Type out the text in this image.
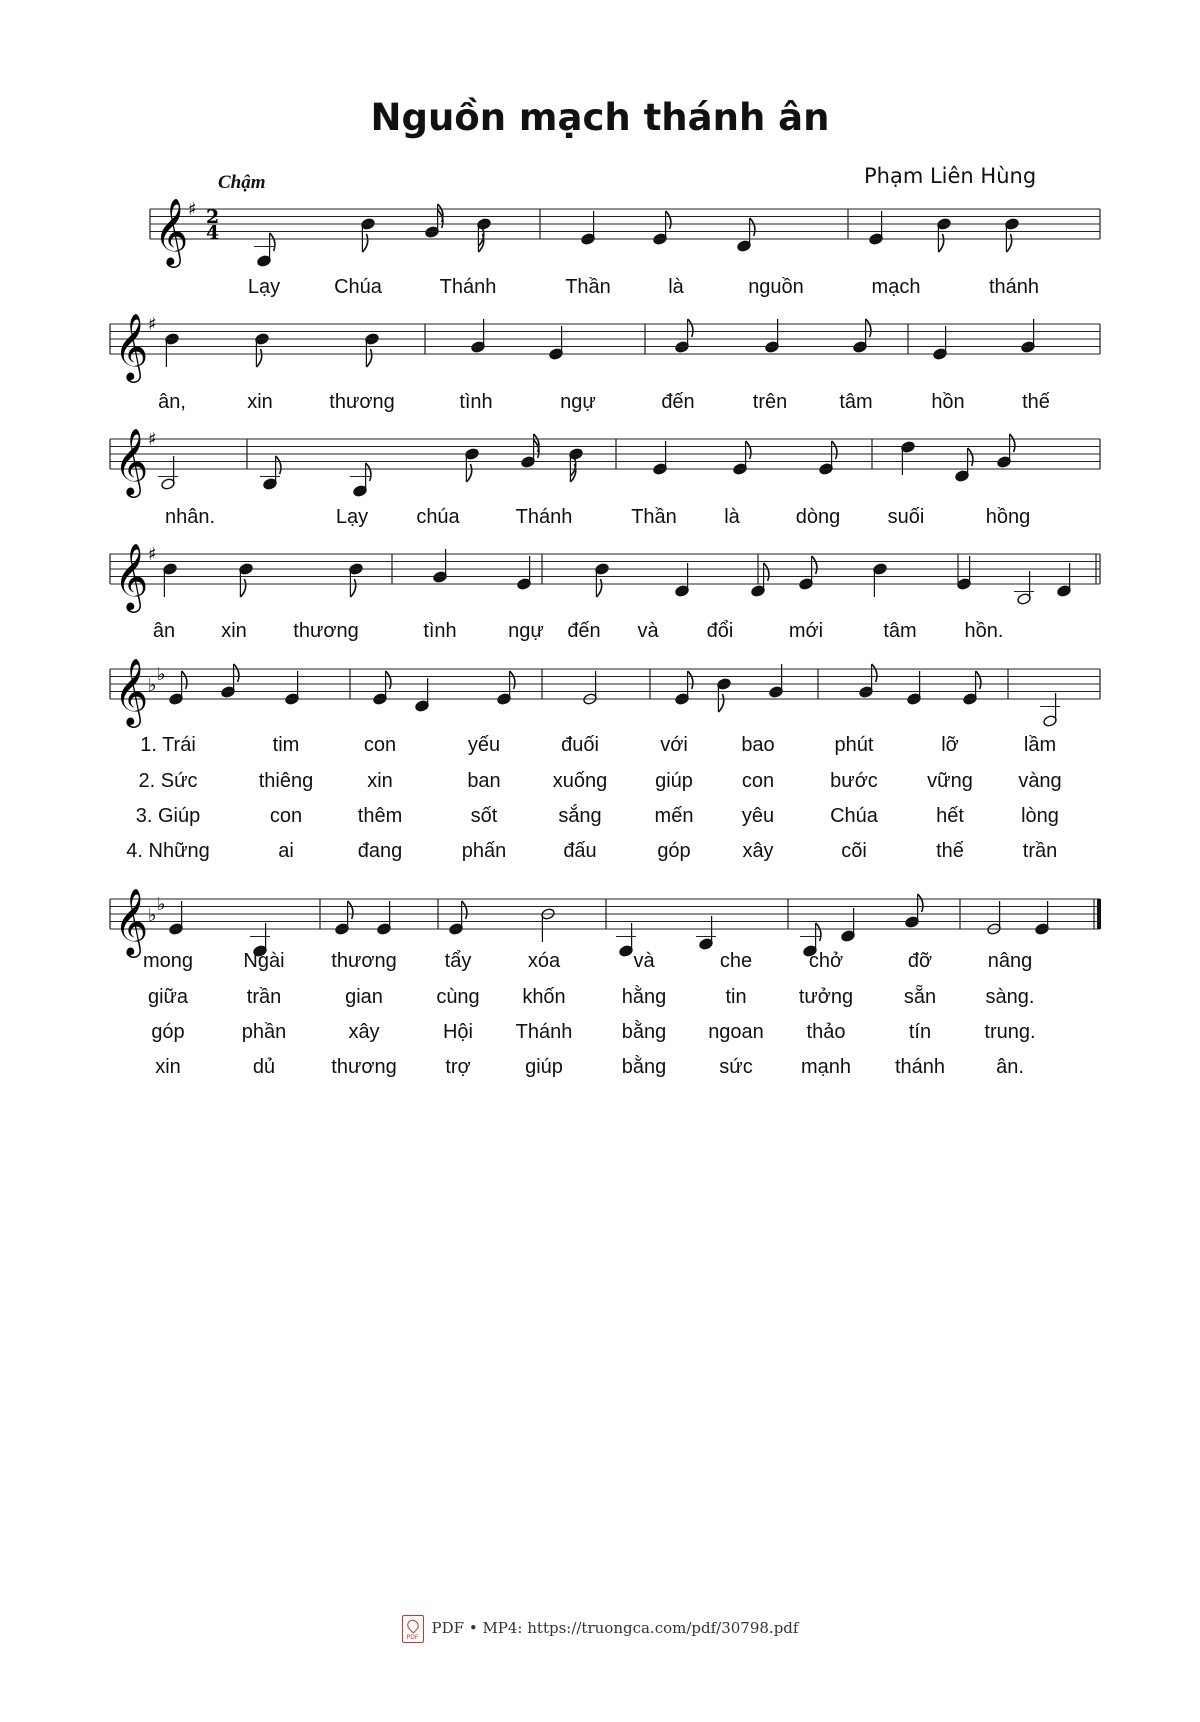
Nguồn mạch thánh ân
Chậm	Phạm Liên Hùng
𝄞 ♯ 2
4
𝄞 ♯
𝄞 ♯
𝄞 ♯
𝄞 ♭
♭
𝄞 ♭
♭
Lạy	Chúa	Thánh	Thần	là	nguồn	mạch	thánh
ân,	xin	thương	tình	ngự	đến	trên	tâm	hồn	thế
nhân.	Lạy chúa	Thánh	Thần là	dòng suối	hồng
ân xin thương	tình	ngự đến và đổi	mới	tâm hồn.
1. Trái	tim	con	yếu	đuối	với	bao	phút	lỡ	lầm
2. Sức	thiêng	xin	ban	xuống giúp con	bước vững vàng
3. Giúp	con	thêm	sốt	sắng	mến yêu	Chúa	hết	lòng
4. Những	ai	đang	phấn	đấu	góp	xây	cõi	thế	trần
mong	Ngài thương tẩy	xóa	và	che	chở	đỡ	nâng
giữa	trần	gian	cùng khốn	hằng	tin	tưởng	sẵn sàng.
góp	phần	xây	Hội Thánh bằng ngoan thảo	tín	trung.
xin	dủ	thương trợ	giúp	bằng	sức mạnh thánh	ân.
PDFPDF • MP4: https://truongca.com/pdf/30798.pdf
